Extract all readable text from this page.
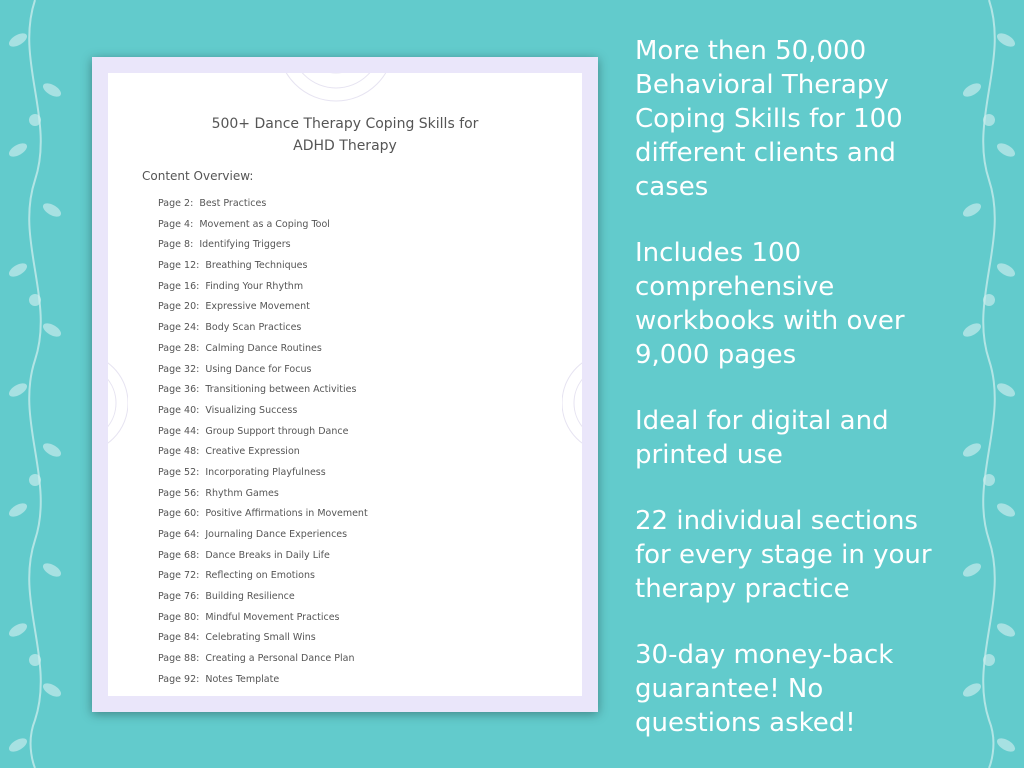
500+ Dance Therapy Coping Skills for
ADHD Therapy
Content Overview:
Page 2: Best Practices
Page 4: Movement as a Coping Tool
Page 8: Identifying Triggers
Page 12: Breathing Techniques
Page 16: Finding Your Rhythm
Page 20: Expressive Movement
Page 24: Body Scan Practices
Page 28: Calming Dance Routines
Page 32: Using Dance for Focus
Page 36: Transitioning between Activities
Page 40: Visualizing Success
Page 44: Group Support through Dance
Page 48: Creative Expression
Page 52: Incorporating Playfulness
Page 56: Rhythm Games
Page 60: Positive Affirmations in Movement
Page 64: Journaling Dance Experiences
Page 68: Dance Breaks in Daily Life
Page 72: Reflecting on Emotions
Page 76: Building Resilience
Page 80: Mindful Movement Practices
Page 84: Celebrating Small Wins
Page 88: Creating a Personal Dance Plan
Page 92: Notes Template

More then 50,000 Behavioral Therapy Coping Skills for 100 different clients and cases

Includes 100 comprehensive workbooks with over 9,000 pages

Ideal for digital and printed use

22 individual sections for every stage in your therapy practice

30-day money-back guarantee! No questions asked!
